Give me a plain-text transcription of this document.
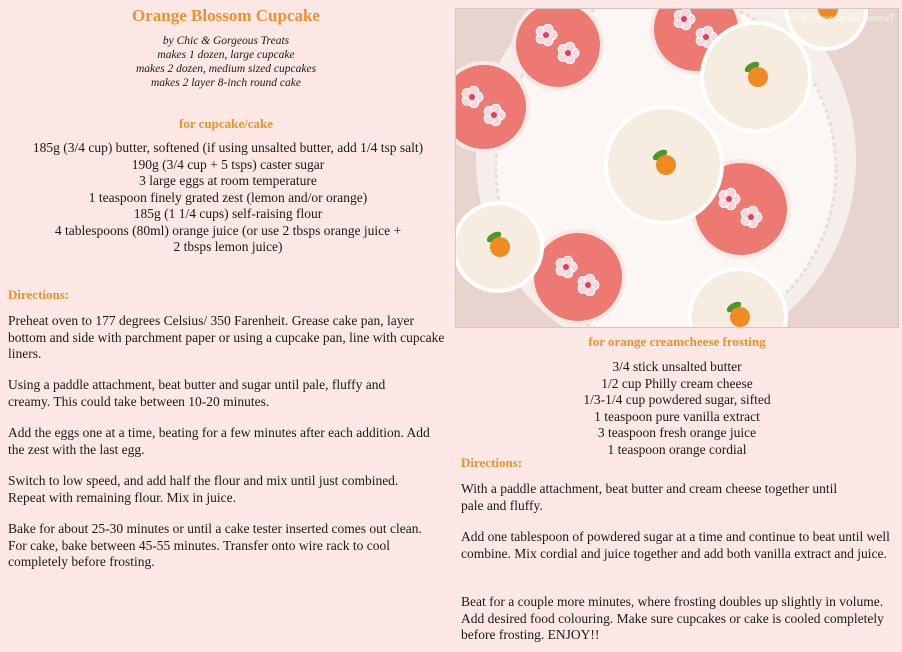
Orange Blossom Cupcake
by Chic & Gorgeous Treats
makes 1 dozen, large cupcake
makes 2 dozen, medium sized cupcakes
makes 2 layer 8-inch round cake
for cupcake/cake
185g (3/4 cup) butter, softened (if using unsalted butter, add 1/4 tsp salt)
190g (3/4 cup + 5 tsps) caster sugar
3 large eggs at room temperature
1 teaspoon finely grated zest (lemon and/or orange)
185g (1 1/4 cups) self-raising flour
4 tablespoons (80ml) orange juice (or use 2 tbsps orange juice +
2 tbsps lemon juice)
Directions:
Preheat oven to 177 degrees Celsius/ 350 Farenheit. Grease cake pan, layer bottom and side with parchment paper or using a cupcake pan, line with cupcake liners.
Using a paddle attachment, beat butter and sugar until pale, fluffy and creamy. This could take between 10-20 minutes.
Add the eggs one at a time, beating for a few minutes after each addition. Add the zest with the last egg.
Switch to low speed, and add half the flour and mix until just combined. Repeat with remaining flour. Mix in juice.
Bake for about 25-30 minutes or until a cake tester inserted comes out clean. For cake, bake between 45-55 minutes. Transfer onto wire rack to cool completely before frosting.
Chic & Gorgeous aka JoannaT
for orange creamcheese frosting
3/4 stick unsalted butter
1/2 cup Philly cream cheese
1/3-1/4 cup powdered sugar, sifted
1 teaspoon pure vanilla extract
3 teaspoon fresh orange juice
1 teaspoon orange cordial
Directions:
With a paddle attachment, beat butter and cream cheese together until pale and fluffy.
Add one tablespoon of powdered sugar at a time and continue to beat until well combine. Mix cordial and juice together and add both vanilla extract and juice.
Beat for a couple more minutes, where frosting doubles up slightly in volume. Add desired food colouring. Make sure cupcakes or cake is cooled completely before frosting. ENJOY!!
